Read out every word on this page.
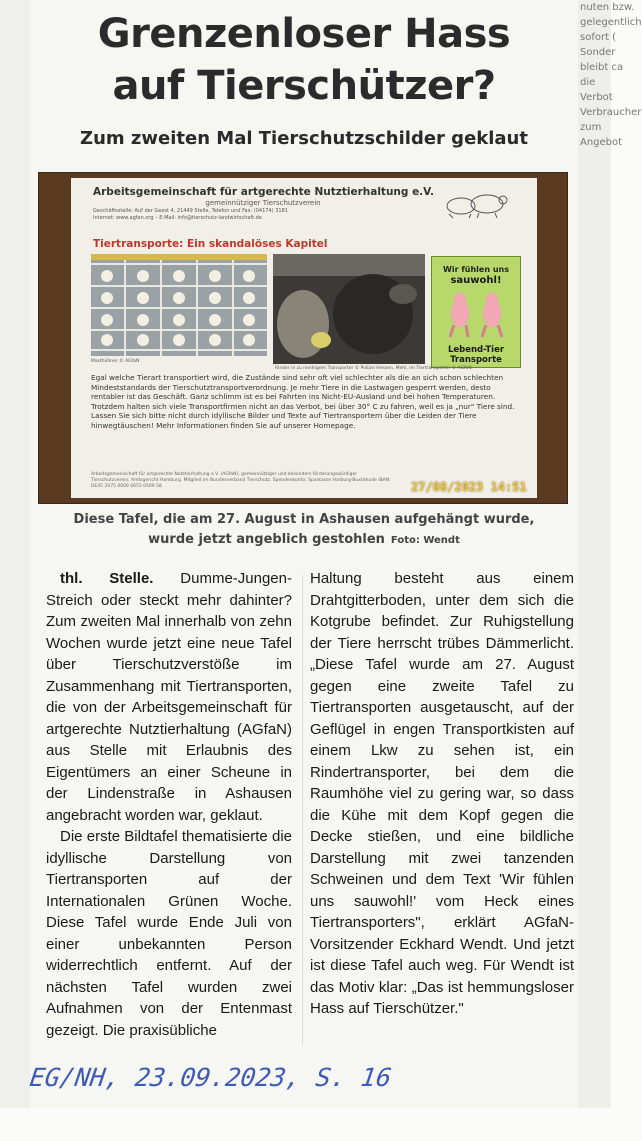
nuten bzw.
gelegentlich
sofort (
Sonder
bleibt ca
die
Verbot
Verbraucher
zum
Angebot
Grenzenloser Hass
auf Tierschützer?
Zum zweiten Mal Tierschutzschilder geklaut
Arbeitsgemeinschaft für artgerechte Nutztierhaltung e.V.
gemeinnütziger Tierschutzverein
Geschäftsstelle: Auf der Geest 4, 21449 Stelle, Telefon und Fax: (04174) 3181
Internet: www.agfan.org – E-Mail: info@tierschutz-landwirtschaft.de
Tiertransporte: Ein skandalöses Kapitel
Wir fühlen uns
sauwohl!
Lebend-Tier Transporte
Masthühner © AGfaN
Rinder in zu niedrigem Transporter © Polizei Hessen, Mehl, im Tiertransporter © AGfaN
Egal welche Tierart transportiert wird, die Zustände sind sehr oft viel schlechter als die an sich schon schlechten Mindeststandards der Tierschutztransportverordnung. Je mehr Tiere in die Lastwagen gesperrt werden, desto rentabler ist das Geschäft. Ganz schlimm ist es bei Fahrten ins Nicht-EU-Ausland und bei hohen Temperaturen. Trotzdem halten sich viele Transportfirmen nicht an das Verbot, bei über 30° C zu fahren, weil es ja „nur" Tiere sind. Lassen Sie sich bitte nicht durch idyllische Bilder und Texte auf Tiertransportern über die Leiden der Tiere hinwegtäuschen! Mehr Informationen finden Sie auf unserer Homepage.
Arbeitsgemeinschaft für artgerechte Nutztierhaltung e.V. (AGfaN), gemeinnütziger und besonders förderungswürdiger Tierschutzverein, Amtsgericht Hamburg. Mitglied im Bundesverband Tierschutz. Spendenkonto: Sparkasse Harburg-Buxtehude IBAN: DE45 2075 0000 0053 0509 58	27/08/2023 14:51
Diese Tafel, die am 27. August in Ashausen aufgehängt wurde,
wurde jetzt angeblich gestohlen Foto: Wendt

thl. Stelle. Dumme-Jungen-Streich oder steckt mehr dahinter? Zum zweiten Mal innerhalb von zehn Wochen wurde jetzt eine neue Tafel über Tierschutzverstöße im Zusammenhang mit Tiertransporten, die von der Arbeitsgemeinschaft für artgerechte Nutztierhaltung (AGfaN) aus Stelle mit Erlaubnis des Eigentümers an einer Scheune in der Lindenstraße in Ashausen angebracht worden war, geklaut.

Die erste Bildtafel thematisierte die idyllische Darstellung von Tiertransporten auf der Internationalen Grünen Woche. Diese Tafel wurde Ende Juli von einer unbekannten Person widerrechtlich entfernt. Auf der nächsten Tafel wurden zwei Aufnahmen von der Entenmast gezeigt. Die praxisübliche

Haltung besteht aus einem Drahtgitterboden, unter dem sich die Kotgrube befindet. Zur Ruhigstellung der Tiere herrscht trübes Dämmerlicht. „Diese Tafel wurde am 27. August gegen eine zweite Tafel zu Tiertransporten ausgetauscht, auf der Geflügel in engen Transportkisten auf einem Lkw zu sehen ist, ein Rindertransporter, bei dem die Raumhöhe viel zu gering war, so dass die Kühe mit dem Kopf gegen die Decke stießen, und eine bildliche Darstellung mit zwei tanzenden Schweinen und dem Text 'Wir fühlen uns sauwohl!' vom Heck eines Tiertransporters", erklärt AGfaN-Vorsitzender Eckhard Wendt. Und jetzt ist diese Tafel auch weg. Für Wendt ist das Motiv klar: „Das ist hemmungsloser Hass auf Tierschützer."

EG/NH, 23.09.2023, S. 16
